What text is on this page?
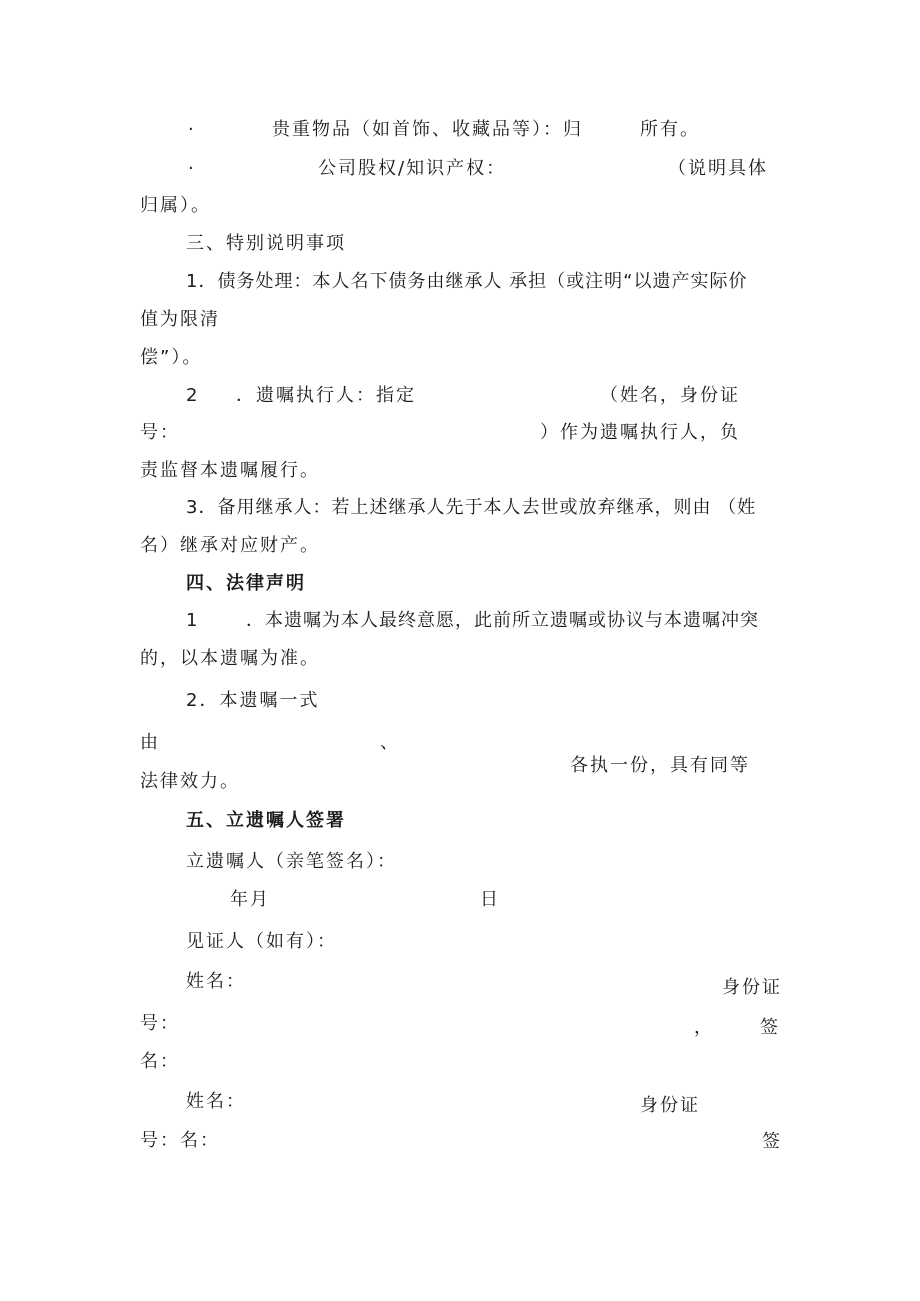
·	贵重物品（如首饰、收藏品等）：归	所有。
·	公司股权/知识产权：	（说明具体
归属）。
三、特别说明事项
1．债务处理：本人名下债务由继承人 承担（或注明“以遗产实际价
值为限清
偿”）。
2 ．遗嘱执行人：指定	（姓名，身份证
号：	）作为遗嘱执行人，负
责监督本遗嘱履行。
3．备用继承人：若上述继承人先于本人去世或放弃继承，则由 （姓
名）继承对应财产。
四、法律声明
1	．本遗嘱为本人最终意愿，此前所立遗嘱或协议与本遗嘱冲突
的，以本遗嘱为准。
2．本遗嘱一式
由	、
各执一份，具有同等
法律效力。
五、立遗嘱人签署
立遗嘱人（亲笔签名）：
年月	日
见证人（如有）：
姓名：	身份证
号：	，	签
名：
姓名：	身份证
号：名：	签
